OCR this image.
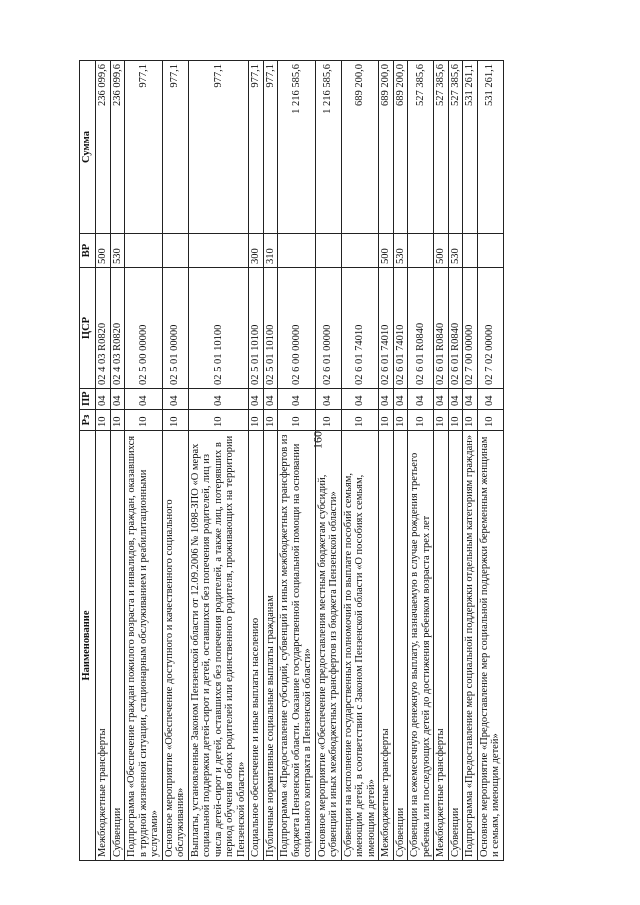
160
Наименование	Рз	ПР	ЦСР	ВР	Сумма
Межбюджетные трансферты	10	04	02 4 03 R0820	500	236 099,6
Субвенции	10	04	02 4 03 R0820	530	236 099,6
Подпрограмма «Обеспечение граждан пожилого возраста и инвалидов, граждан, оказавшихся в трудной жизненной ситуации, стационарным обслуживанием и реабилитационными услугами»	10	04	02 5 00 00000		977,1
Основное мероприятие «Обеспечение доступного и качественного социального обслуживания»	10	04	02 5 01 00000		977,1
Выплаты, установленные Законом Пензенской области от 12.09.2006 № 1098-ЗПО «О мерах социальной поддержки детей-сирот и детей, оставшихся без попечения родителей, лиц из числа детей-сирот и детей, оставшихся без попечения родителей, а также лиц, потерявших в период обучения обоих родителей или единственного родителя, проживающих на территории Пензенской области»	10	04	02 5 01 10100		977,1
Социальное обеспечение и иные выплаты населению	10	04	02 5 01 10100	300	977,1
Публичные нормативные социальные выплаты гражданам	10	04	02 5 01 10100	310	977,1
Подпрограмма «Предоставление субсидий, субвенций и иных межбюджетных трансфертов из бюджета Пензенской области. Оказание государственной социальной помощи на основании социального контракта в Пензенской области»	10	04	02 6 00 00000		1 216 585,6
Основное мероприятие «Обеспечение предоставления местным бюджетам субсидий, субвенций и иных межбюджетных трансфертов из бюджета Пензенской области»	10	04	02 6 01 00000		1 216 585,6
Субвенции на исполнение государственных полномочий по выплате пособий семьям, имеющим детей, в соответствии с Законом Пензенской области «О пособиях семьям, имеющим детей»	10	04	02 6 01 74010		689 200,0
Межбюджетные трансферты	10	04	02 6 01 74010	500	689 200,0
Субвенции	10	04	02 6 01 74010	530	689 200,0
Субвенции на ежемесячную денежную выплату, назначаемую в случае рождения третьего ребенка или последующих детей до достижения ребенком возраста трех лет	10	04	02 6 01 R0840		527 385,6
Межбюджетные трансферты	10	04	02 6 01 R0840	500	527 385,6
Субвенции	10	04	02 6 01 R0840	530	527 385,6
Подпрограмма «Предоставление мер социальной поддержки отдельным категориям граждан»	10	04	02 7 00 00000		531 261,1
Основное мероприятие «Предоставление мер социальной поддержки беременным женщинам и семьям, имеющим детей»	10	04	02 7 02 00000		531 261,1
